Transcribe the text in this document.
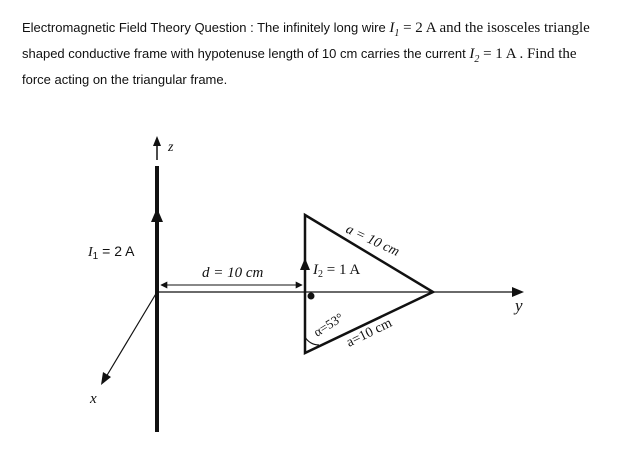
Electromagnetic Field Theory Question : The infinitely long wire $I_1 = 2$ A and the isosceles triangle
shaped conductive frame with hypotenuse length of 10 cm carries the current $I_2 = 1$ A . Find the
force acting on the triangular frame.
z
y
x
$I_1 = 2$ A
d = 10 cm	$I_2 = 1$ A
a = 10 cm
a=10 cm
α=53°
